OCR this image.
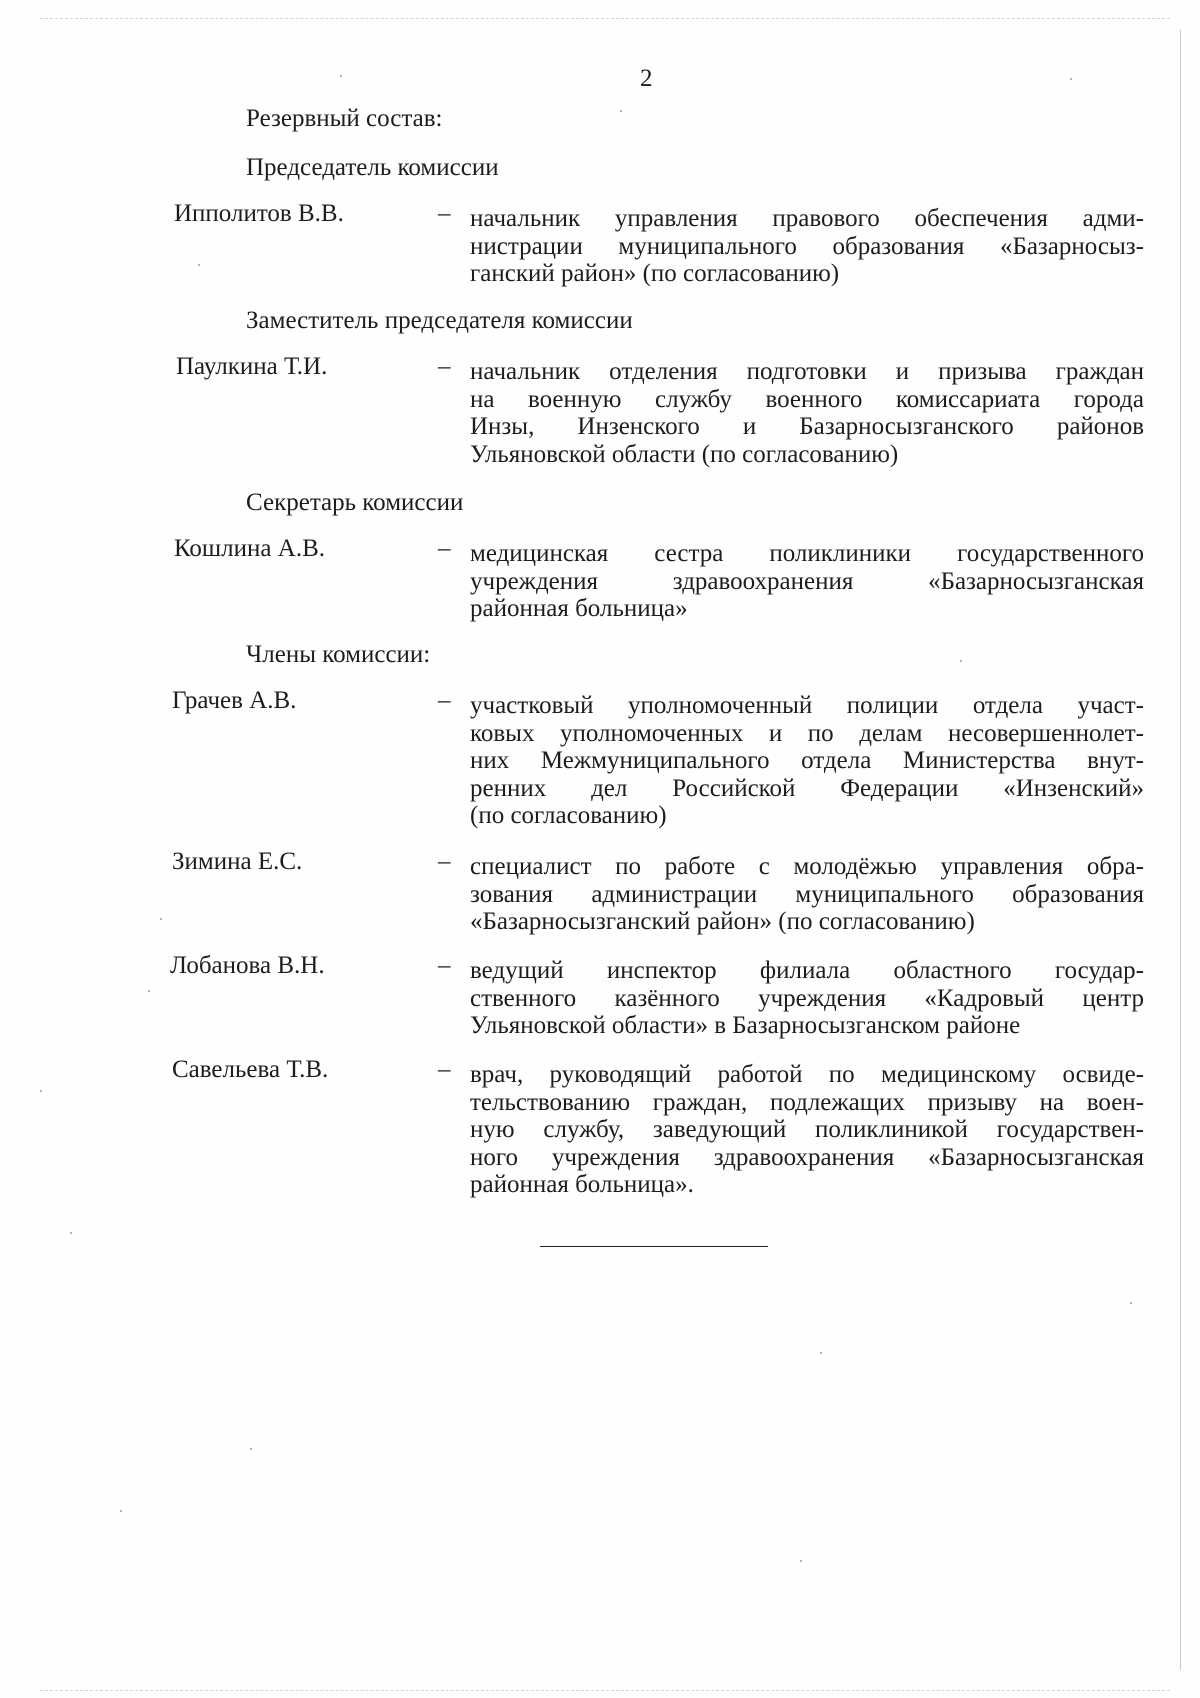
2
Резервный состав:
Председатель комиссии
Ипполитов В.В.	– начальник управления правового обеспечения адми-
нистрации муниципального образования «Базарносыз-
ганский район» (по согласованию)
Заместитель председателя комиссии
Паулкина Т.И.	– начальник отделения подготовки и призыва граждан
на военную службу военного комиссариата города
Инзы, Инзенского и Базарносызганского районов
Ульяновской области (по согласованию)
Секретарь комиссии
Кошлина А.В.	– медицинская сестра поликлиники государственного
учреждения здравоохранения «Базарносызганская
районная больница»
Члены комиссии:
Грачев А.В.	– участковый уполномоченный полиции отдела участ-
ковых уполномоченных и по делам несовершеннолет-
них Межмуниципального отдела Министерства внут-
ренних дел Российской Федерации «Инзенский»
(по согласованию)
Зимина Е.С.	– специалист по работе с молодёжью управления обра-
зования администрации муниципального образования
«Базарносызганский район» (по согласованию)
Лобанова В.Н.	– ведущий инспектор филиала областного государ-
ственного казённого учреждения «Кадровый центр
Ульяновской области» в Базарносызганском районе
Савельева Т.В.	– врач, руководящий работой по медицинскому освиде-
тельствованию граждан, подлежащих призыву на воен-
ную службу, заведующий поликлиникой государствен-
ного учреждения здравоохранения «Базарносызганская
районная больница».
